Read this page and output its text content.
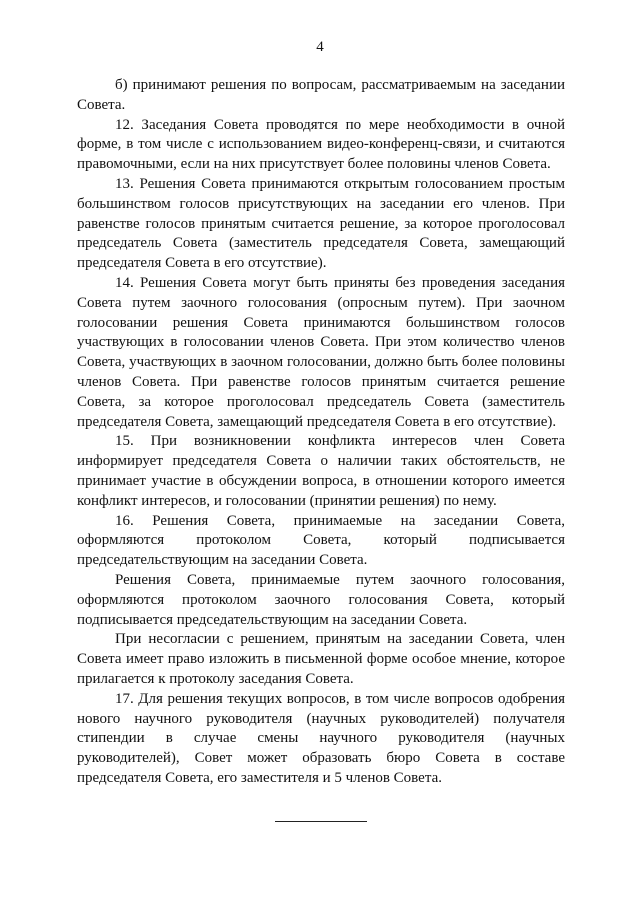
4

б) принимают решения по вопросам, рассматриваемым на заседании Совета.

12. Заседания Совета проводятся по мере необходимости в очной форме, в том числе с использованием видео-конференц-связи, и считаются правомочными, если на них присутствует более половины членов Совета.

13. Решения Совета принимаются открытым голосованием простым большинством голосов присутствующих на заседании его членов. При равенстве голосов принятым считается решение, за которое проголосовал председатель Совета (заместитель председателя Совета, замещающий председателя Совета в его отсутствие).

14. Решения Совета могут быть приняты без проведения заседания Совета путем заочного голосования (опросным путем). При заочном голосовании решения Совета принимаются большинством голосов участвующих в голосовании членов Совета. При этом количество членов Совета, участвующих в заочном голосовании, должно быть более половины членов Совета. При равенстве голосов принятым считается решение Совета, за которое проголосовал председатель Совета (заместитель председателя Совета, замещающий председателя Совета в его отсутствие).

15. При возникновении конфликта интересов член Совета информирует председателя Совета о наличии таких обстоятельств, не принимает участие в обсуждении вопроса, в отношении которого имеется конфликт интересов, и голосовании (принятии решения) по нему.

16. Решения Совета, принимаемые на заседании Совета, оформляются протоколом Совета, который подписывается председательствующим на заседании Совета.

Решения Совета, принимаемые путем заочного голосования, оформляются протоколом заочного голосования Совета, который подписывается председательствующим на заседании Совета.

При несогласии с решением, принятым на заседании Совета, член Совета имеет право изложить в письменной форме особое мнение, которое прилагается к протоколу заседания Совета.

17. Для решения текущих вопросов, в том числе вопросов одобрения нового научного руководителя (научных руководителей) получателя стипендии в случае смены научного руководителя (научных руководителей), Совет может образовать бюро Совета в составе председателя Совета, его заместителя и 5 членов Совета.
